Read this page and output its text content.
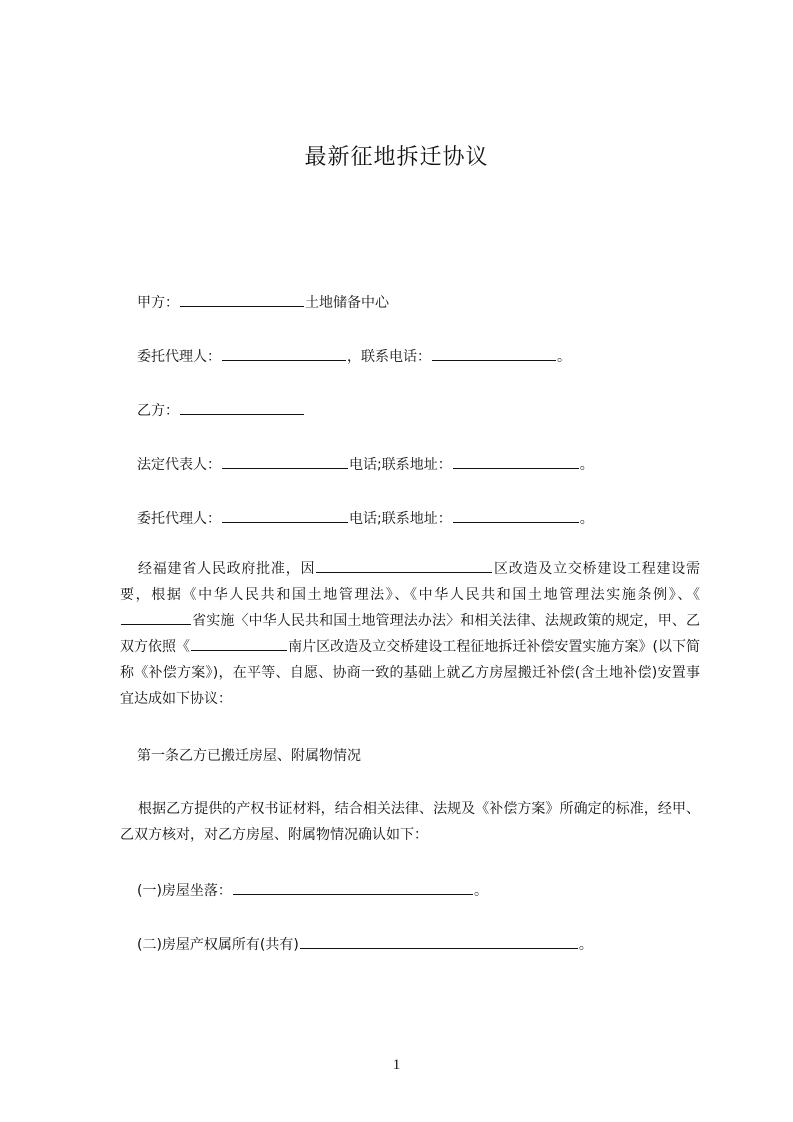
最新征地拆迁协议
甲方：	土地储备中心
委托代理人：	，联系电话：	。
乙方：
法定代表人：	电话;联系地址：	。
委托代理人：	电话;联系地址：	。
经福建省人民政府批准，因	区改造及立交桥建设工程建设需要，根据《中华人民共和国土地管理法》、《中华人民共和国土地管理法实施条例》、《省实施〈中华人民共和国土地管理法办法〉和相关法律、法规政策的规定，甲、乙双方依照《	南片区改造及立交桥建设工程征地拆迁补偿安置实施方案》(以下简称《补偿方案》)，在平等、自愿、协商一致的基础上就乙方房屋搬迁补偿(含土地补偿)安置事宜达成如下协议：
第一条乙方已搬迁房屋、附属物情况
根据乙方提供的产权书证材料，结合相关法律、法规及《补偿方案》所确定的标准，经甲、乙双方核对，对乙方房屋、附属物情况确认如下：
(一)房屋坐落：	。
(二)房屋产权属所有(共有)	。
1
